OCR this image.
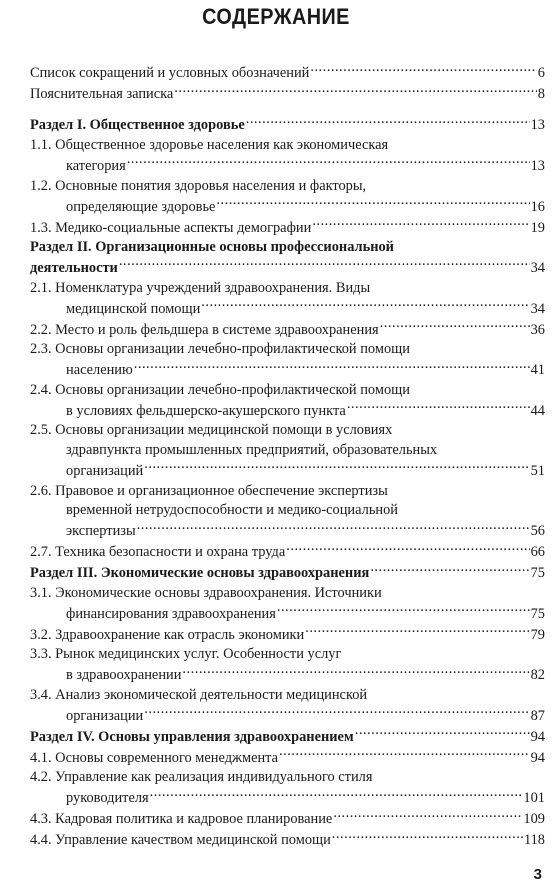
СОДЕРЖАНИЕ
Список сокращений и условных обозначений .....	6
Пояснительная записка .....	8
Раздел I. Общественное здоровье .....	13
1.1. Общественное здоровье населения как экономическая
категория .....	13
1.2. Основные понятия здоровья населения и факторы,
определяющие здоровье .....	16
1.3. Медико-социальные аспекты демографии .....	19
Раздел II. Организационные основы профессиональной
деятельности .....	34
2.1. Номенклатура учреждений здравоохранения. Виды
медицинской помощи .....	34
2.2. Место и роль фельдшера в системе здравоохранения .....	36
2.3. Основы организации лечебно-профилактической помощи
населению .....	41
2.4. Основы организации лечебно-профилактической помощи
в условиях фельдшерско-акушерского пункта .....	44
2.5. Основы организации медицинской помощи в условиях
здравпункта промышленных предприятий, образовательных
организаций .....	51
2.6. Правовое и организационное обеспечение экспертизы
временной нетрудоспособности и медико-социальной
экспертизы .....	56
2.7. Техника безопасности и охрана труда .....	66
Раздел III. Экономические основы здравоохранения .....	75
3.1. Экономические основы здравоохранения. Источники
финансирования здравоохранения .....	75
3.2. Здравоохранение как отрасль экономики .....	79
3.3. Рынок медицинских услуг. Особенности услуг
в здравоохранении .....	82
3.4. Анализ экономической деятельности медицинской
организации .....	87
Раздел IV. Основы управления здравоохранением .....	94
4.1. Основы современного менеджмента .....	94
4.2. Управление как реализация индивидуального стиля
руководителя .....	101
4.3. Кадровая политика и кадровое планирование .....	109
4.4. Управление качеством медицинской помощи .....	118
3
